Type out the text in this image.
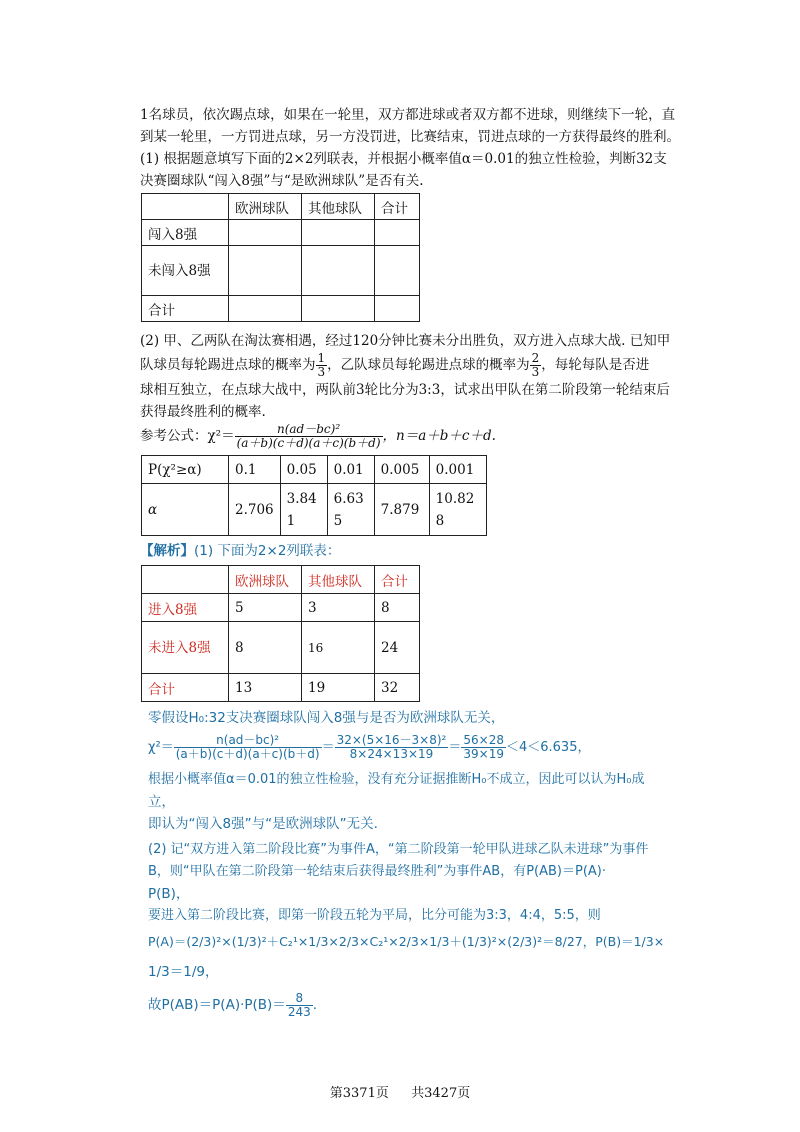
1名球员，依次踢点球，如果在一轮里，双方都进球或者双方都不进球，则继续下一轮，直
到某一轮里，一方罚进点球，另一方没罚进，比赛结束，罚进点球的一方获得最终的胜利。
(1) 根据题意填写下面的2×2列联表，并根据小概率值α＝0.01的独立性检验，判断32支
决赛圈球队“闯入8强”与“是欧洲球队”是否有关.
	欧洲球队	其他球队	合计
闯入8强			
未闯入8强			
合计			
(2) 甲、乙两队在淘汰赛相遇，经过120分钟比赛未分出胜负，双方进入点球大战. 已知甲
队球员每轮踢进点球的概率为 $\frac{1}{3}$ ，乙队球员每轮踢进点球的概率为 $\frac{2}{3}$ ，每轮每队是否进
球相互独立，在点球大战中，两队前3轮比分为3:3，试求出甲队在第二阶段第一轮结束后
获得最终胜利的概率.
参考公式：$\chi^2= \frac{\text{n(ad－bc)²}}{(a+b)(c+d)(a+c)(b+d)}$ ，n＝a＋b＋c＋d.
P(χ²≥α)	0.1	0.05	0.01	0.005	0.001
α	2.706	3.841	6.635	7.879	10.828
【解析】(1) 下面为2×2列联表：
	欧洲球队	其他球队	合计
进入8强	5	3	8
未进入8强	8	16	24
合计	13	19	32
零假设H₀:32支决赛圈球队闯入8强与是否为欧洲球队无关，
$\chi^2= \frac{\text{n(ad－bc)²}}{(a+b)(c+d)(a+c)(b+d)} = \frac{\text{32×(5×16－3×8)²}}{8\times 24\times 13\times 19} = \frac{56\times 28}{39\times 19} <4<6.635$，
根据小概率值α＝0.01的独立性检验，没有充分证据推断H₀不成立，因此可以认为H₀成
立，
即认为“闯入8强”与“是欧洲球队”无关.
(2) 记“双方进入第二阶段比赛”为事件A，“第二阶段第一轮甲队进球乙队未进球”为事件
B，则“甲队在第二阶段第一轮结束后获得最终胜利”为事件AB，有P(AB)＝P(A)·
P(B)，
要进入第二阶段比赛，即第一阶段五轮为平局，比分可能为3:3，4:4，5:5，则
P(A)＝(2/3)²×(1/3)²＋C₂¹×1/3×2/3×C₂¹×2/3×1/3＋(1/3)²×(2/3)²＝8/27，P(B)＝1/3×
1/3＝1/9，
故$P(AB)=P(A)\cdot P(B)= \frac{8}{243}$ .
第3371页 共3427页
